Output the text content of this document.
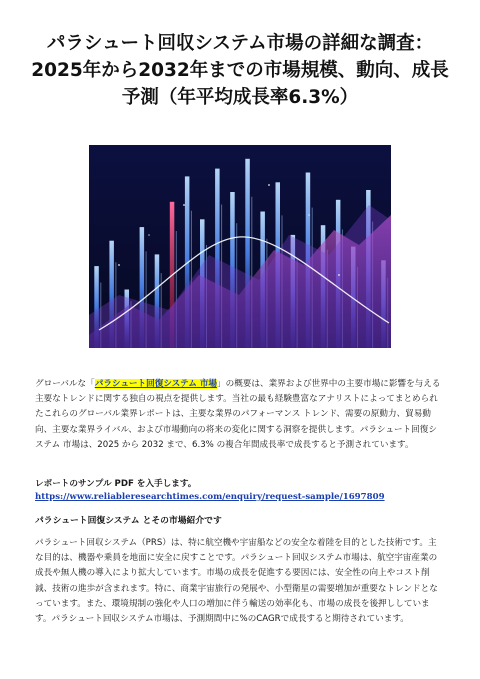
パラシュート回収システム市場の詳細な調査：
2025年から2032年までの市場規模、動向、成長
予測（年平均成長率6.3%）
グローバルな「パラシュート回復システム 市場」の概要は、業界および世界中の主要市場に影響を与える主要なトレンドに関する独自の視点を提供します。当社の最も経験豊富なアナリストによってまとめられたこれらのグローバル業界レポートは、主要な業界のパフォーマンス トレンド、需要の原動力、貿易動向、主要な業界ライバル、および市場動向の将来の変化に関する洞察を提供します。パラシュート回復システム 市場は、2025 から 2032 まで、6.3% の複合年間成長率で成長すると予測されています。
レポートのサンプル PDF を入手します。 https://www.reliableresearchtimes.com/enquiry/request-sample/1697809
パラシュート回復システム とその市場紹介です
パラシュート回収システム（PRS）は、特に航空機や宇宙船などの安全な着陸を目的とした技術です。主な目的は、機器や乗員を地面に安全に戻すことです。パラシュート回収システム市場は、航空宇宙産業の成長や無人機の導入により拡大しています。市場の成長を促進する要因には、安全性の向上やコスト削減、技術の進歩が含まれます。特に、商業宇宙旅行の発展や、小型衛星の需要増加が重要なトレンドとなっています。また、環境規制の強化や人口の増加に伴う輸送の効率化も、市場の成長を後押ししています。パラシュート回収システム市場は、予測期間中に%のCAGRで成長すると期待されています。
